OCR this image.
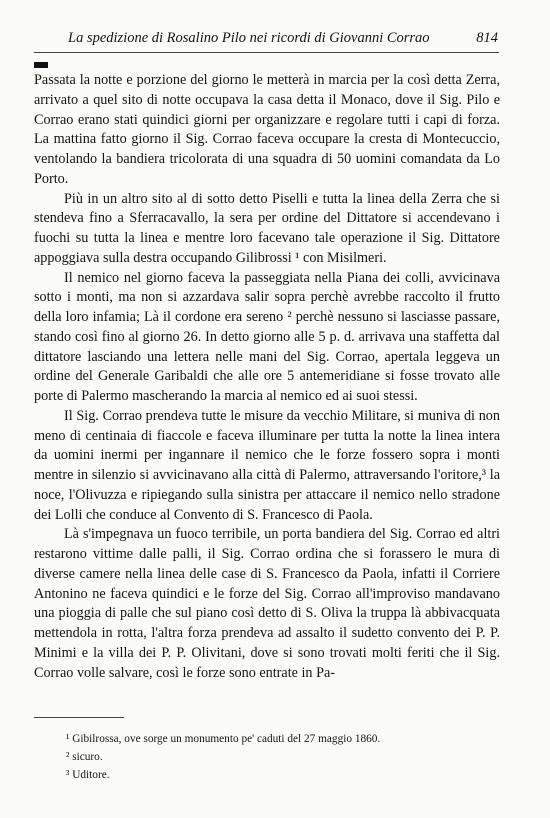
La spedizione di Rosalino Pilo nei ricordi di Giovanni Corrao	814

Passata la notte e porzione del giorno le metterà in marcia per la così detta Zerra, arrivato a quel sito di notte occupava la casa detta il Monaco, dove il Sig. Pilo e Corrao erano stati quindici giorni per organizzare e regolare tutti i capi di forza. La mattina fatto giorno il Sig. Corrao faceva occupare la cresta di Montecuccio, ventolando la bandiera tricolorata di una squadra di 50 uomini comandata da Lo Porto.

Più in un altro sito al di sotto detto Piselli e tutta la linea della Zerra che si stendeva fino a Sferracavallo, la sera per ordine del Dittatore si accendevano i fuochi su tutta la linea e mentre loro facevano tale operazione il Sig. Dittatore appoggiava sulla destra occupando Gilibrossi ¹ con Misilmeri.

Il nemico nel giorno faceva la passeggiata nella Piana dei colli, avvicinava sotto i monti, ma non si azzardava salir sopra perchè avrebbe raccolto il frutto della loro infamia; Là il cordone era sereno ² perchè nessuno si lasciasse passare, stando così fino al giorno 26. In detto giorno alle 5 p. d. arrivava una staffetta dal dittatore lasciando una lettera nelle mani del Sig. Corrao, apertala leggeva un ordine del Generale Garibaldi che alle ore 5 antemeridiane si fosse trovato alle porte di Palermo mascherando la marcia al nemico ed ai suoi stessi.

Il Sig. Corrao prendeva tutte le misure da vecchio Militare, si muniva di non meno di centinaia di fiaccole e faceva illuminare per tutta la notte la linea intera da uomini inermi per ingannare il nemico che le forze fossero sopra i monti mentre in silenzio si avvicinavano alla città di Palermo, attraversando l'oritore,³ la noce, l'Olivuzza e ripiegando sulla sinistra per attaccare il nemico nello stradone dei Lolli che conduce al Convento di S. Francesco di Paola.

Là s'impegnava un fuoco terribile, un porta bandiera del Sig. Corrao ed altri restarono vittime dalle palli, il Sig. Corrao ordina che si forassero le mura di diverse camere nella linea delle case di S. Francesco da Paola, infatti il Corriere Antonino ne faceva quindici e le forze del Sig. Corrao all'improviso mandavano una pioggia di palle che sul piano così detto di S. Oliva la truppa là abbivacquata mettendola in rotta, l'altra forza prendeva ad assalto il sudetto convento dei P. P. Minimi e la villa dei P. P. Olivitani, dove si sono trovati molti feriti che il Sig. Corrao volle salvare, così le forze sono entrate in Pa-

¹ Gibilrossa, ove sorge un monumento pe' caduti del 27 maggio 1860.
² sicuro.
³ Uditore.
